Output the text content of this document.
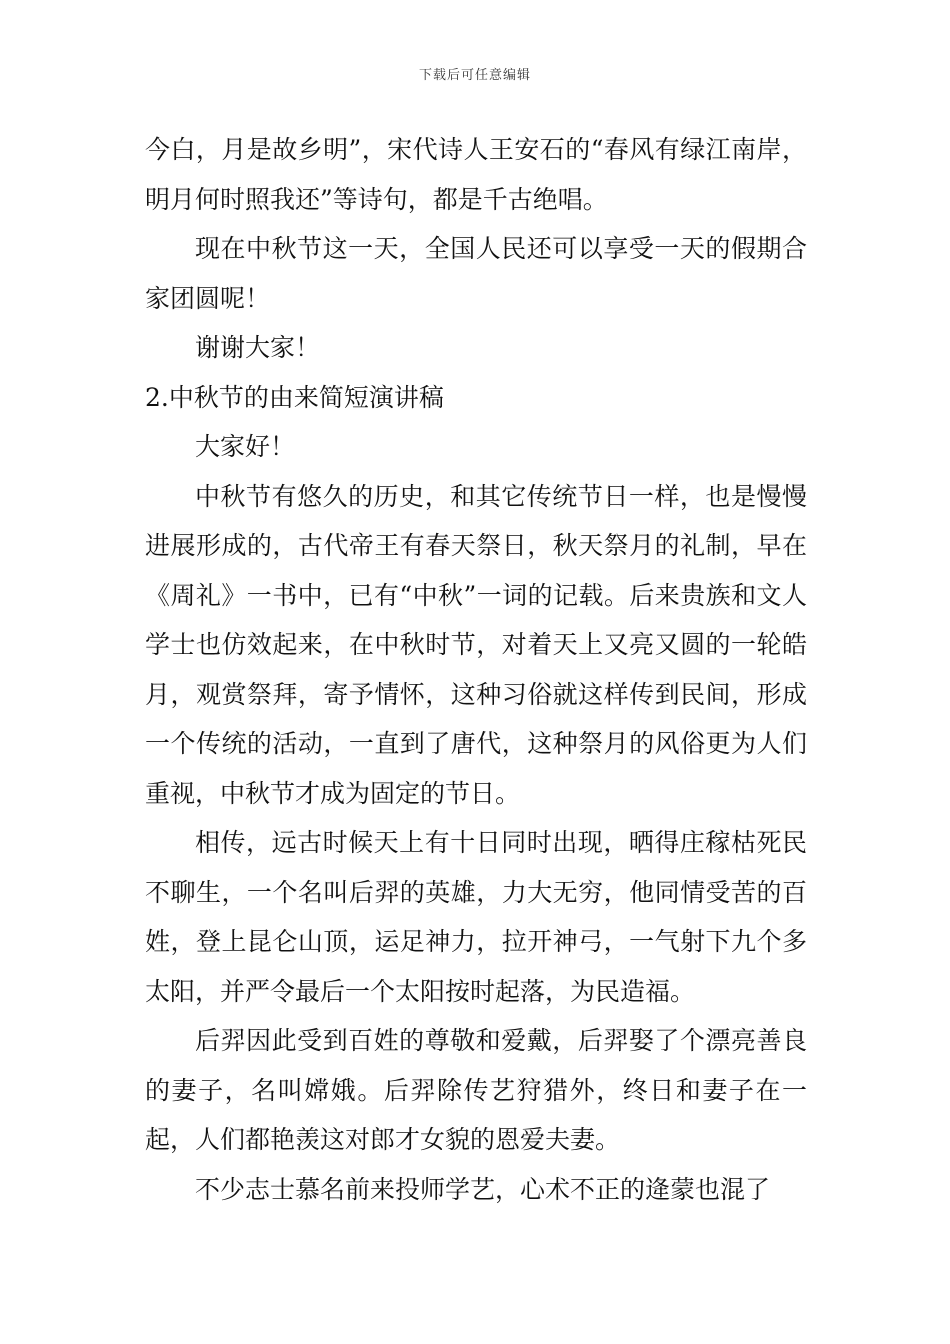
下载后可任意编辑

今白，月是故乡明”，宋代诗人王安石的“春风有绿江南岸，明月何时照我还”等诗句，都是千古绝唱。

现在中秋节这一天，全国人民还可以享受一天的假期合家团圆呢！

谢谢大家！

2.中秋节的由来简短演讲稿

大家好！

中秋节有悠久的历史，和其它传统节日一样，也是慢慢进展形成的，古代帝王有春天祭日，秋天祭月的礼制，早在《周礼》一书中，已有“中秋”一词的记载。后来贵族和文人学士也仿效起来，在中秋时节，对着天上又亮又圆的一轮皓月，观赏祭拜，寄予情怀，这种习俗就这样传到民间，形成一个传统的活动，一直到了唐代，这种祭月的风俗更为人们重视，中秋节才成为固定的节日。

相传，远古时候天上有十日同时出现，晒得庄稼枯死民不聊生，一个名叫后羿的英雄，力大无穷，他同情受苦的百姓，登上昆仑山顶，运足神力，拉开神弓，一气射下九个多太阳，并严令最后一个太阳按时起落，为民造福。

后羿因此受到百姓的尊敬和爱戴，后羿娶了个漂亮善良的妻子，名叫嫦娥。后羿除传艺狩猎外，终日和妻子在一起，人们都艳羡这对郎才女貌的恩爱夫妻。

不少志士慕名前来投师学艺，心术不正的逄蒙也混了
